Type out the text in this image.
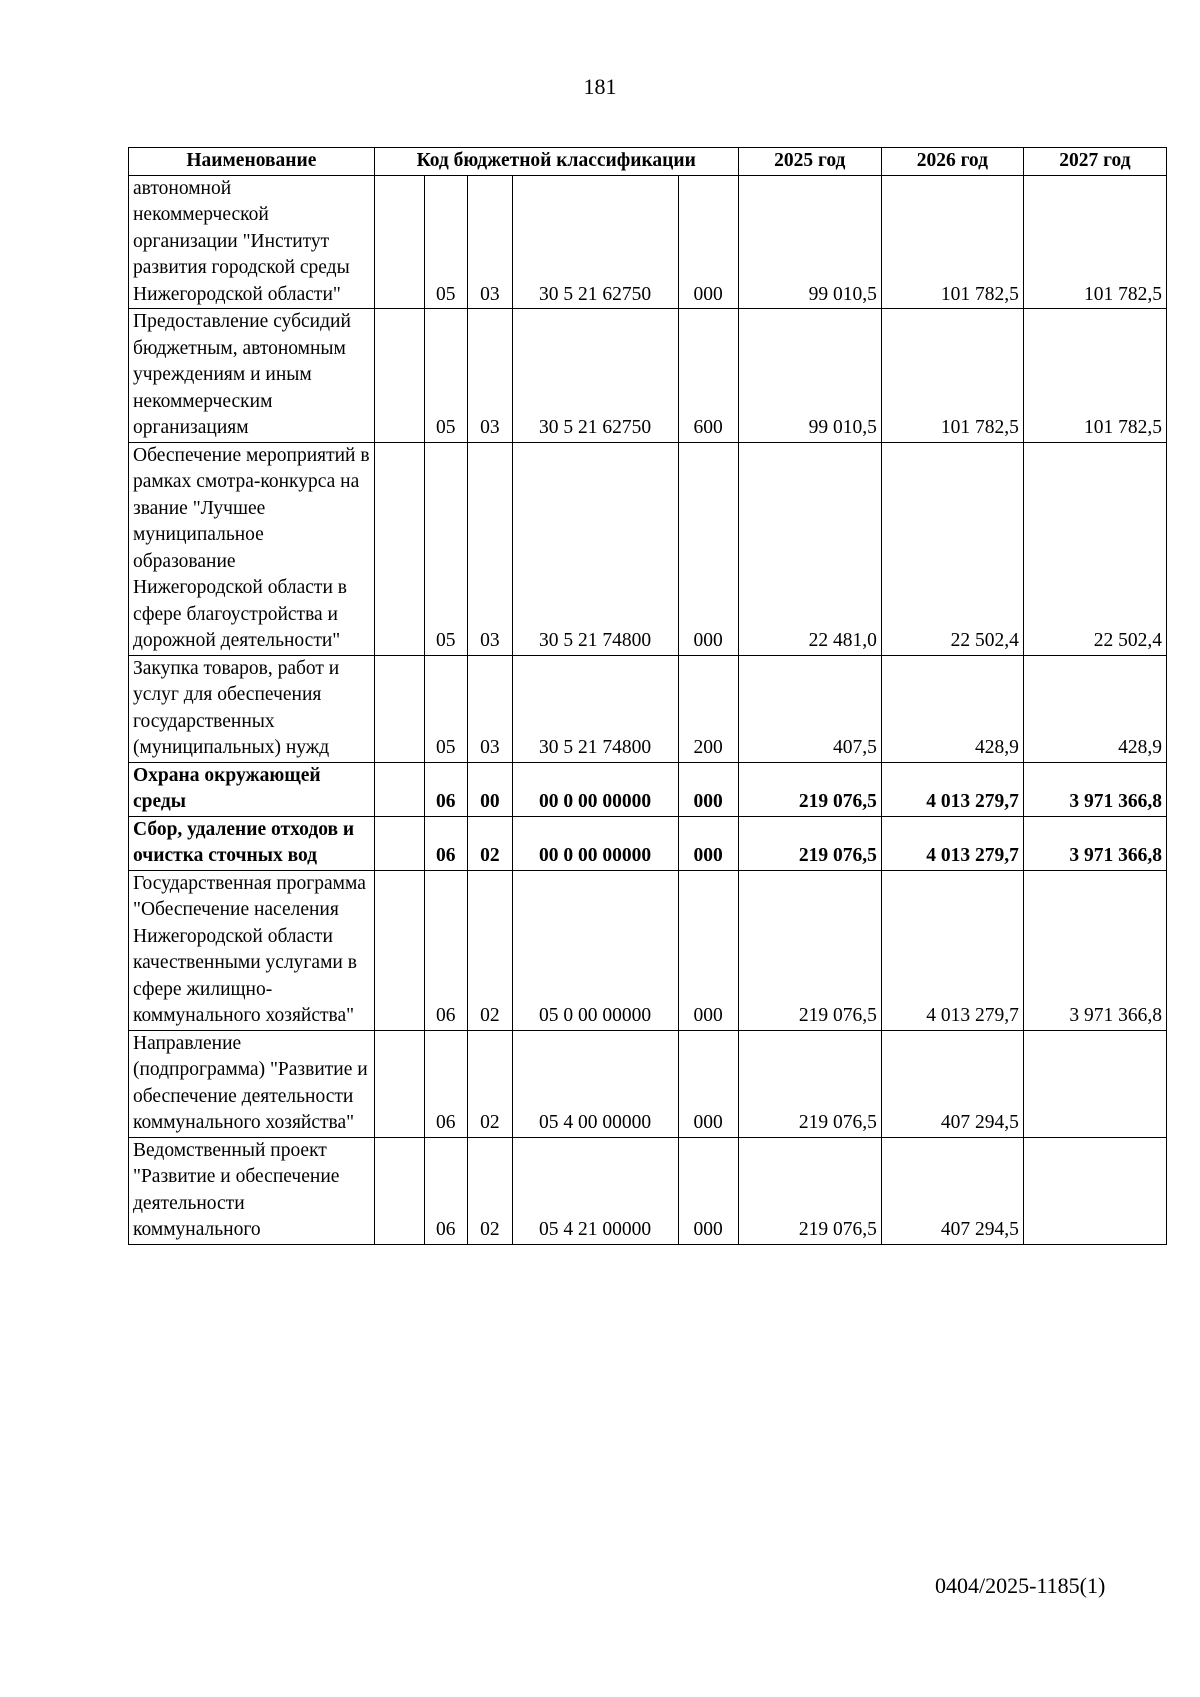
181
Наименование	Код бюджетной классификации					2025 год	2026 год	2027 год
автономной некоммерческой организации "Институт развития городской среды Нижегородской области"		05	03	30 5 21 62750	000	99 010,5	101 782,5	101 782,5
Предоставление субсидий бюджетным, автономным учреждениям и иным некоммерческим организациям		05	03	30 5 21 62750	600	99 010,5	101 782,5	101 782,5
Обеспечение мероприятий в рамках смотра-конкурса на звание "Лучшее муниципальное образование Нижегородской области в сфере благоустройства и дорожной деятельности"		05	03	30 5 21 74800	000	22 481,0	22 502,4	22 502,4
Закупка товаров, работ и услуг для обеспечения государственных (муниципальных) нужд		05	03	30 5 21 74800	200	407,5	428,9	428,9
Охрана окружающей среды		06	00	00 0 00 00000	000	219 076,5	4 013 279,7	3 971 366,8
Сбор, удаление отходов и очистка сточных вод		06	02	00 0 00 00000	000	219 076,5	4 013 279,7	3 971 366,8
Государственная программа "Обеспечение населения Нижегородской области качественными услугами в сфере жилищно-коммунального хозяйства"		06	02	05 0 00 00000	000	219 076,5	4 013 279,7	3 971 366,8
Направление (подпрограмма) "Развитие и обеспечение деятельности коммунального хозяйства"		06	02	05 4 00 00000	000	219 076,5	407 294,5	
Ведомственный проект "Развитие и обеспечение деятельности коммунального		06	02	05 4 21 00000	000	219 076,5	407 294,5	
0404/2025-1185(1)
